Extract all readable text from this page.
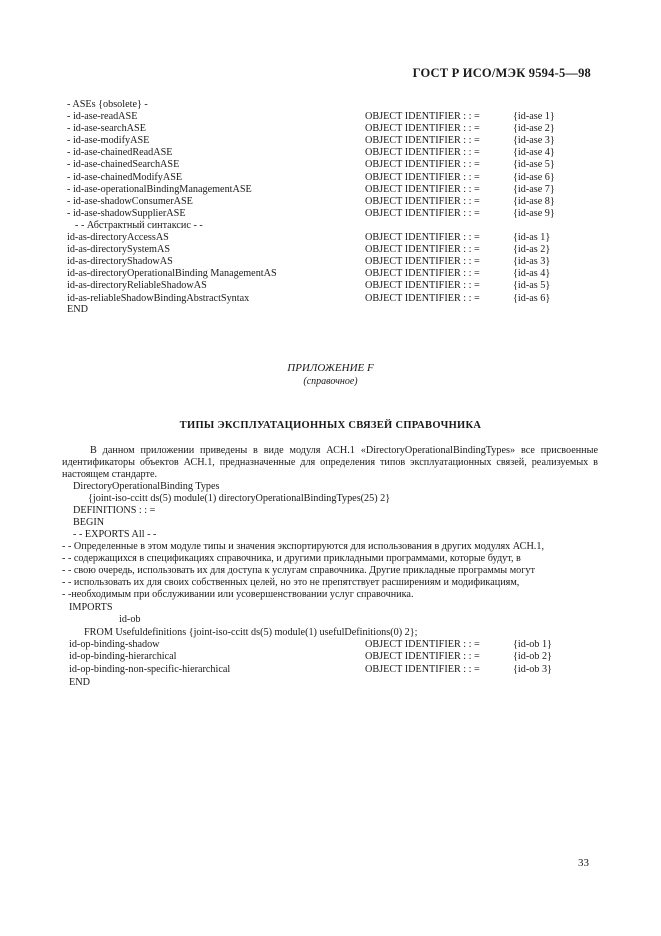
ГОСТ Р ИСО/МЭК 9594-5—98
- ASEs {obsolete} -
- id-ase-readASE	OBJECT IDENTIFIER : : =	{id-ase 1}
- id-ase-searchASE	OBJECT IDENTIFIER : : =	{id-ase 2}
- id-ase-modifyASE	OBJECT IDENTIFIER : : =	{id-ase 3}
- id-ase-chainedReadASE	OBJECT IDENTIFIER : : =	{id-ase 4}
- id-ase-chainedSearchASE	OBJECT IDENTIFIER : : =	{id-ase 5}
- id-ase-chainedModifyASE	OBJECT IDENTIFIER : : =	{id-ase 6}
- id-ase-operationalBindingManagementASE	OBJECT IDENTIFIER : : =	{id-ase 7}
- id-ase-shadowConsumerASE	OBJECT IDENTIFIER : : =	{id-ase 8}
- id-ase-shadowSupplierASE	OBJECT IDENTIFIER : : =	{id-ase 9}
- - Абстрактный синтаксис - -
id-as-directoryAccessAS	OBJECT IDENTIFIER : : =	{id-as 1}
id-as-directorySystemAS	OBJECT IDENTIFIER : : =	{id-as 2}
id-as-directoryShadowAS	OBJECT IDENTIFIER : : =	{id-as 3}
id-as-directoryOperationalBinding ManagementAS	OBJECT IDENTIFIER : : =	{id-as 4}
id-as-directoryReliableShadowAS	OBJECT IDENTIFIER : : =	{id-as 5}
id-as-reliableShadowBindingAbstractSyntax	OBJECT IDENTIFIER : : =	{id-as 6}
END
ПРИЛОЖЕНИЕ F
(справочное)
ТИПЫ ЭКСПЛУАТАЦИОННЫХ СВЯЗЕЙ СПРАВОЧНИКА
В данном приложении приведены в виде модуля АСН.1 «DirectoryOperationalBindingTypes» все присвоенные идентификаторы объектов АСН.1, предназначенные для определения типов эксплуатационных связей, реализуемых в настоящем стандарте.
DirectoryOperationalBinding Types
{joint-iso-ccitt ds(5) module(1) directoryOperationalBindingTypes(25) 2}
DEFINITIONS : : =
BEGIN
- - EXPORTS All - -
- - Определенные в этом модуле типы и значения экспортируются для использования в других модулях АСН.1,
- - содержащихся в спецификациях справочника, и другими прикладными программами, которые будут, в
- - свою очередь, использовать их для доступа к услугам справочника. Другие прикладные программы могут
- - использовать их для своих собственных целей, но это не препятствует расширениям и модификациям,
- -необходимым при обслуживании или усовершенствовании услуг справочника.
IMPORTS
id-ob
FROM Usefuldefinitions {joint-iso-ccitt ds(5) module(1) usefulDefinitions(0) 2};
id-op-binding-shadow	OBJECT IDENTIFIER : : =	{id-ob 1}
id-op-binding-hierarchical	OBJECT IDENTIFIER : : =	{id-ob 2}
id-op-binding-non-specific-hierarchical	OBJECT IDENTIFIER : : =	{id-ob 3}
END
33
